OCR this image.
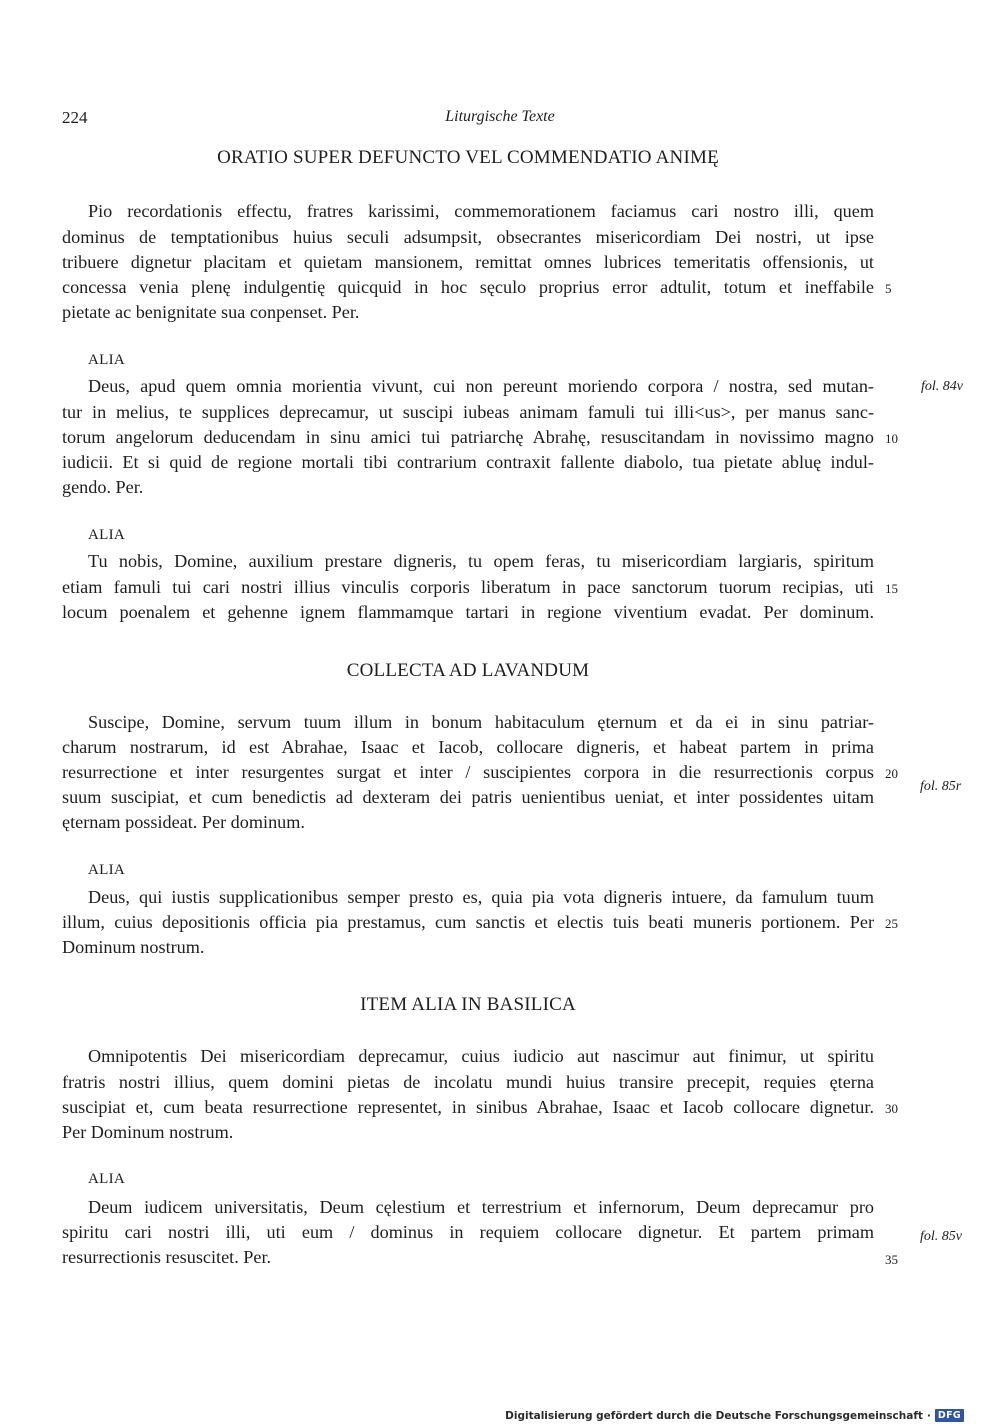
224	Liturgische Texte
ORATIO SUPER DEFUNCTO VEL COMMENDATIO ANIMĘ
Pio recordationis effectu, fratres karissimi, commemorationem faciamus cari nostro illi, quem
dominus de temptationibus huius seculi adsumpsit, obsecrantes misericordiam Dei nostri, ut ipse
tribuere dignetur placitam et quietam mansionem, remittat omnes lubrices temeritatis offensionis, ut
concessa venia plenę indulgentię quicquid in hoc sęculo proprius error adtulit, totum et ineffabile
pietate ac benignitate sua conpenset. Per.
ALIA
Deus, apud quem omnia morientia vivunt, cui non pereunt moriendo corpora / nostra, sed mutan-
tur in melius, te supplices deprecamur, ut suscipi iubeas animam famuli tui illi<us>, per manus sanc-
torum angelorum deducendam in sinu amici tui patriarchę Abrahę, resuscitandam in novissimo magno
iudicii. Et si quid de regione mortali tibi contrarium contraxit fallente diabolo, tua pietate abluę indul-
gendo. Per.
ALIA
Tu nobis, Domine, auxilium prestare digneris, tu opem feras, tu misericordiam largiaris, spiritum
etiam famuli tui cari nostri illius vinculis corporis liberatum in pace sanctorum tuorum recipias, uti
locum poenalem et gehenne ignem flammamque tartari in regione viventium evadat. Per dominum.
COLLECTA AD LAVANDUM
Suscipe, Domine, servum tuum illum in bonum habitaculum ęternum et da ei in sinu patriar-
charum nostrarum, id est Abrahae, Isaac et Iacob, collocare digneris, et habeat partem in prima
resurrectione et inter resurgentes surgat et inter / suscipientes corpora in die resurrectionis corpus
suum suscipiat, et cum benedictis ad dexteram dei patris uenientibus ueniat, et inter possidentes uitam
ęternam possideat. Per dominum.
ALIA
Deus, qui iustis supplicationibus semper presto es, quia pia vota digneris intuere, da famulum tuum
illum, cuius depositionis officia pia prestamus, cum sanctis et electis tuis beati muneris portionem. Per
Dominum nostrum.
ITEM ALIA IN BASILICA
Omnipotentis Dei misericordiam deprecamur, cuius iudicio aut nascimur aut finimur, ut spiritu
fratris nostri illius, quem domini pietas de incolatu mundi huius transire precepit, requies ęterna
suscipiat et, cum beata resurrectione representet, in sinibus Abrahae, Isaac et Iacob collocare dignetur.
Per Dominum nostrum.
ALIA
Deum iudicem universitatis, Deum cęlestium et terrestrium et infernorum, Deum deprecamur pro
spiritu cari nostri illi, uti eum / dominus in requiem collocare dignetur. Et partem primam
resurrectionis resuscitet. Per.
5
10
15
20
25
30
35
fol. 84v
fol. 85r
fol. 85v
Digitalisierung gefördert durch die Deutsche Forschungsgemeinschaft · DFG
